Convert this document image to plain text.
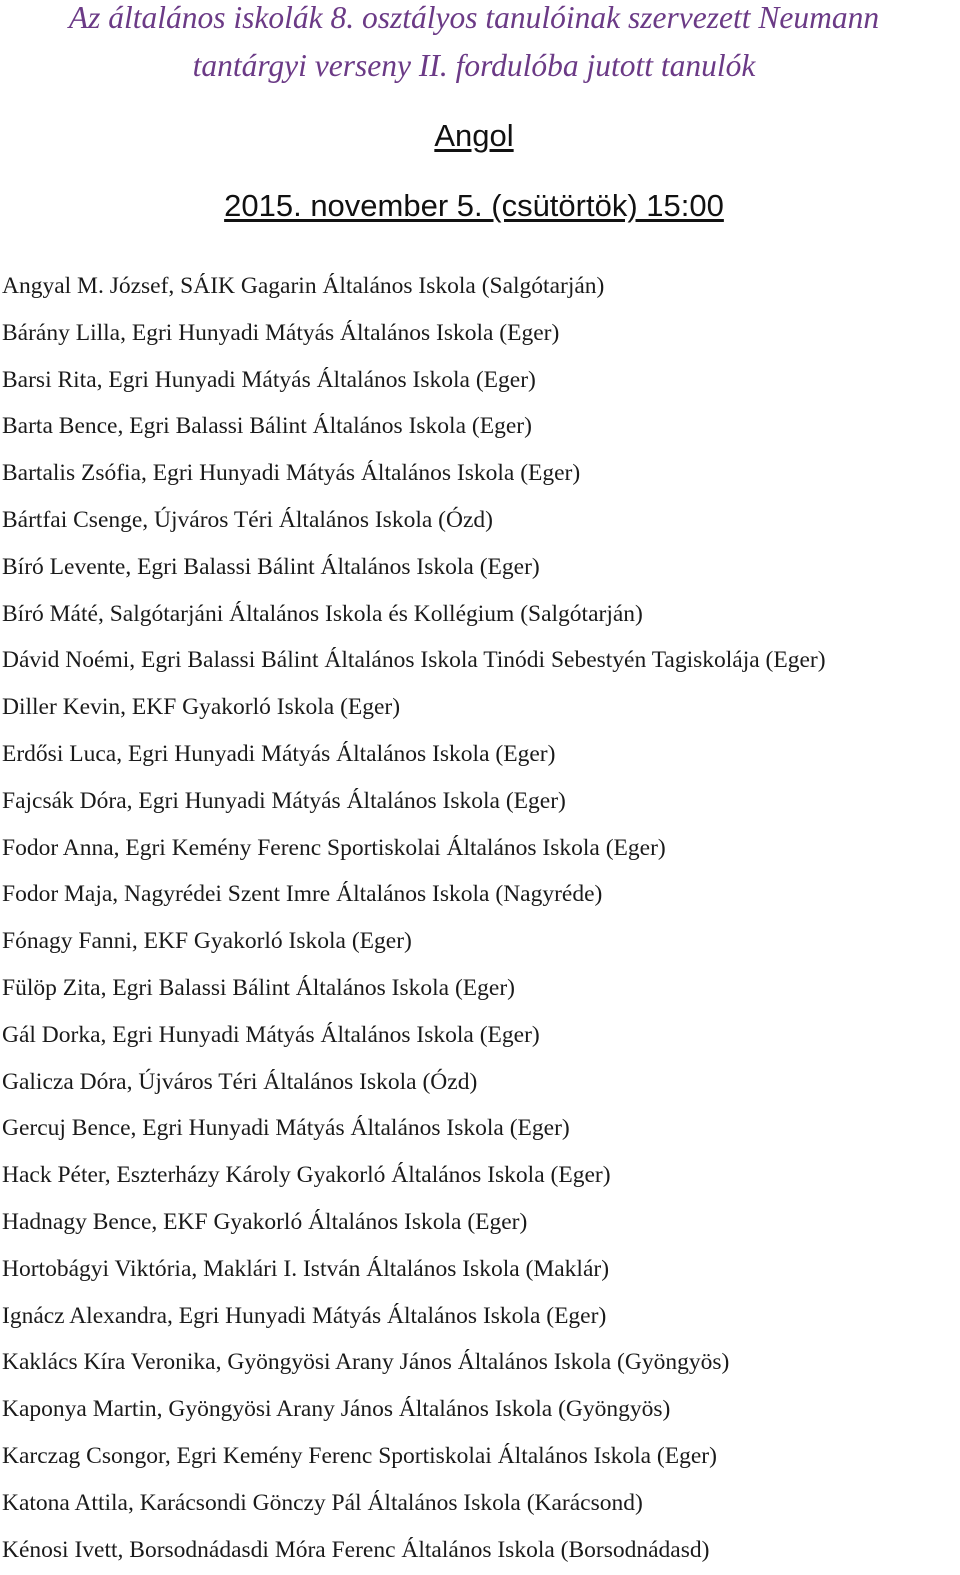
Az általános iskolák 8. osztályos tanulóinak szervezett Neumann
tantárgyi verseny II. fordulóba jutott tanulók
Angol
2015. november 5. (csütörtök) 15:00
Angyal M. József, SÁIK Gagarin Általános Iskola (Salgótarján)
Bárány Lilla, Egri Hunyadi Mátyás Általános Iskola (Eger)
Barsi Rita, Egri Hunyadi Mátyás Általános Iskola (Eger)
Barta Bence, Egri Balassi Bálint Általános Iskola (Eger)
Bartalis Zsófia, Egri Hunyadi Mátyás Általános Iskola (Eger)
Bártfai Csenge, Újváros Téri Általános Iskola (Ózd)
Bíró Levente, Egri Balassi Bálint Általános Iskola (Eger)
Bíró Máté, Salgótarjáni Általános Iskola és Kollégium (Salgótarján)
Dávid Noémi, Egri Balassi Bálint Általános Iskola Tinódi Sebestyén Tagiskolája (Eger)
Diller Kevin, EKF Gyakorló Iskola (Eger)
Erdősi Luca, Egri Hunyadi Mátyás Általános Iskola (Eger)
Fajcsák Dóra, Egri Hunyadi Mátyás Általános Iskola (Eger)
Fodor Anna, Egri Kemény Ferenc Sportiskolai Általános Iskola (Eger)
Fodor Maja, Nagyrédei Szent Imre Általános Iskola (Nagyréde)
Fónagy Fanni, EKF Gyakorló Iskola (Eger)
Fülöp Zita, Egri Balassi Bálint Általános Iskola (Eger)
Gál Dorka, Egri Hunyadi Mátyás Általános Iskola (Eger)
Galicza Dóra, Újváros Téri Általános Iskola (Ózd)
Gercuj Bence, Egri Hunyadi Mátyás Általános Iskola (Eger)
Hack Péter, Eszterházy Károly Gyakorló Általános Iskola (Eger)
Hadnagy Bence, EKF Gyakorló Általános Iskola (Eger)
Hortobágyi Viktória, Maklári I. István Általános Iskola (Maklár)
Ignácz Alexandra, Egri Hunyadi Mátyás Általános Iskola (Eger)
Kaklács Kíra Veronika, Gyöngyösi Arany János Általános Iskola (Gyöngyös)
Kaponya Martin, Gyöngyösi Arany János Általános Iskola (Gyöngyös)
Karczag Csongor, Egri Kemény Ferenc Sportiskolai Általános Iskola (Eger)
Katona Attila, Karácsondi Gönczy Pál Általános Iskola (Karácsond)
Kénosi Ivett, Borsodnádasdi Móra Ferenc Általános Iskola (Borsodnádasd)
